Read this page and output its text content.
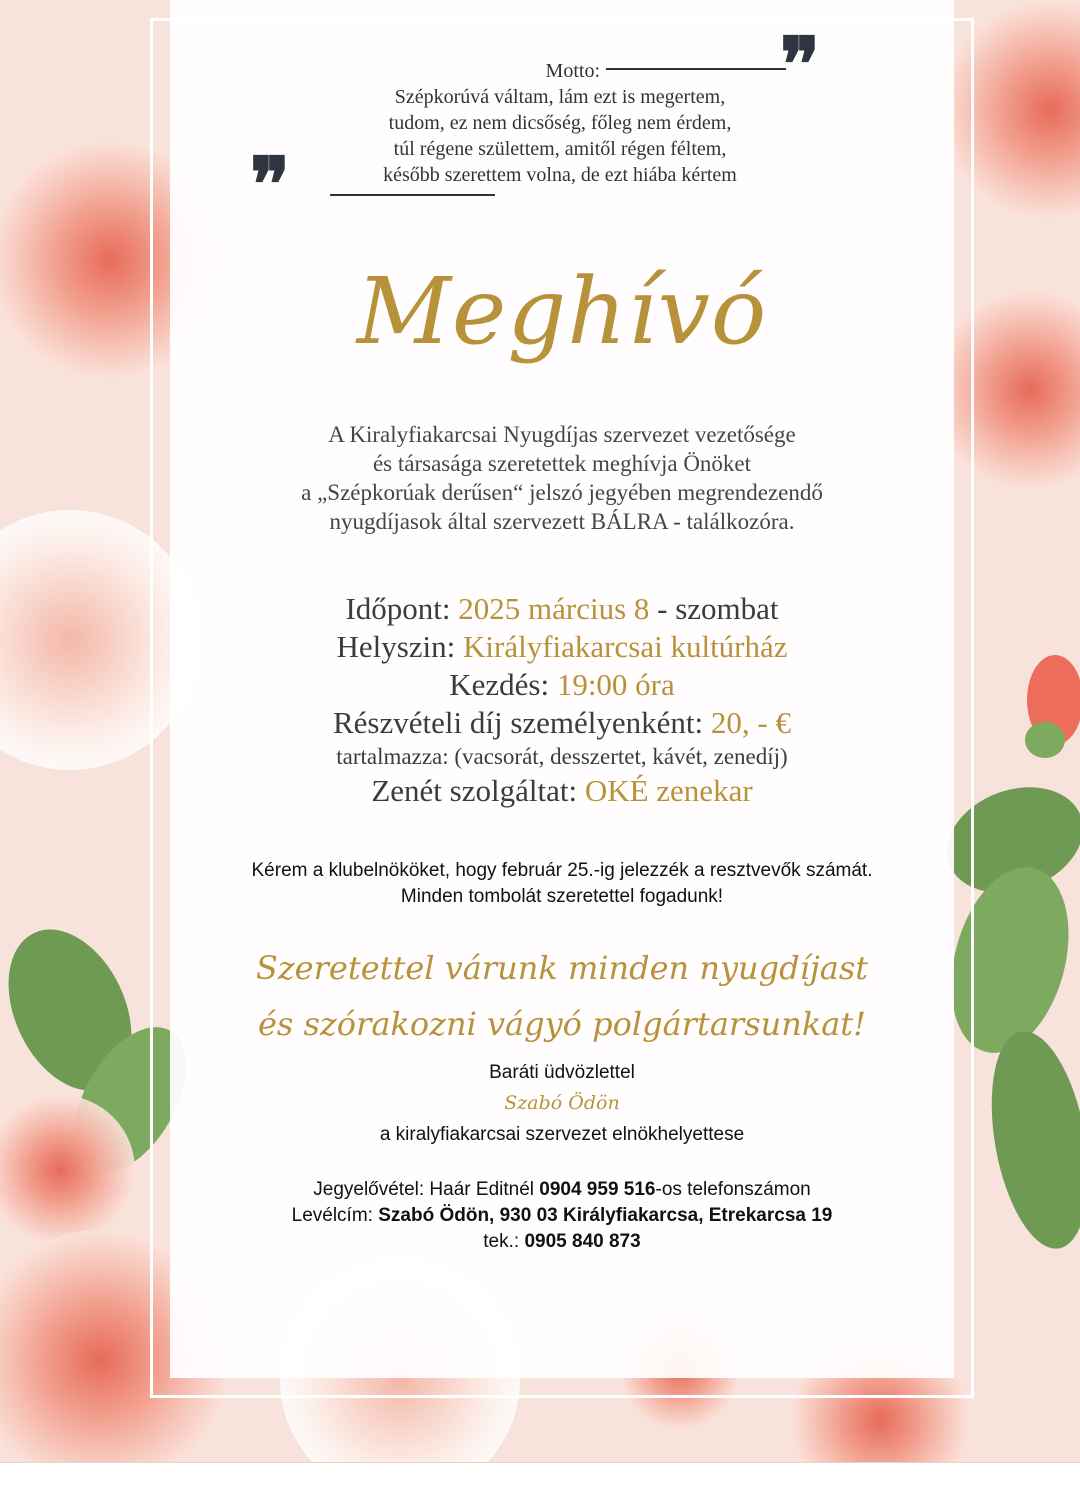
Motto: ❞
Szépkorúvá váltam, lám ezt is megertem,
tudom, ez nem dicsőség, főleg nem érdem,
túl régene születtem, amitől régen féltem,
később szerettem volna, de ezt hiába kértem
❞
Meghívó
A Kiralyfiakarcsai Nyugdíjas szervezet vezetősége
és társasága szeretettek meghívja Önöket
a „Szépkorúak derűsen“ jelszó jegyében megrendezendő
nyugdíjasok által szervezett BÁLRA - találkozóra.
Időpont: 2025 március 8 - szombat
Helyszin: Királyfiakarcsai kultúrház
Kezdés: 19:00 óra
Részvételi díj személyenként: 20, - €
tartalmazza: (vacsorát, desszertet, kávét, zenedíj)
Zenét szolgáltat: OKÉ zenekar
Kérem a klubelnököket, hogy február 25.-ig jelezzék a resztvevők számát.
Minden tombolát szeretettel fogadunk!
Szeretettel várunk minden nyugdíjast
és szórakozni vágyó polgártarsunkat!
Baráti üdvözlettel
Szabó Ödön
a kiralyfiakarcsai szervezet elnökhelyettese
Jegyelővétel: Haár Editnél 0904 959 516-os telefonszámon
Levélcím: Szabó Ödön, 930 03 Királyfiakarcsa, Etrekarcsa 19
tek.: 0905 840 873
